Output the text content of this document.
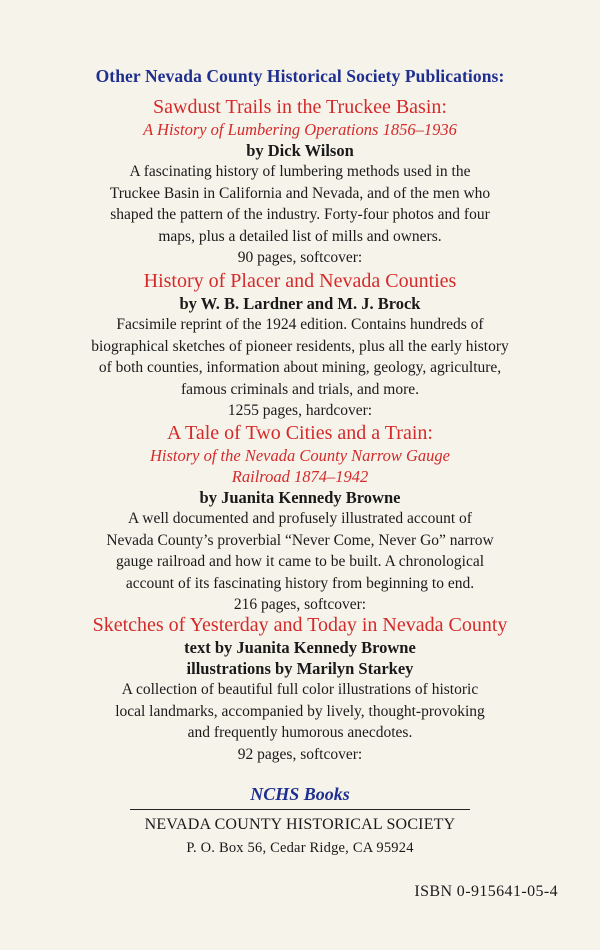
Other Nevada County Historical Society Publications:
Sawdust Trails in the Truckee Basin:
A History of Lumbering Operations 1856–1936
by Dick Wilson
A fascinating history of lumbering methods used in the
Truckee Basin in California and Nevada, and of the men who
shaped the pattern of the industry. Forty-four photos and four
maps, plus a detailed list of mills and owners.
90 pages, softcover:
History of Placer and Nevada Counties
by W. B. Lardner and M. J. Brock
Facsimile reprint of the 1924 edition. Contains hundreds of
biographical sketches of pioneer residents, plus all the early history
of both counties, information about mining, geology, agriculture,
famous criminals and trials, and more.
1255 pages, hardcover:
A Tale of Two Cities and a Train:
History of the Nevada County Narrow Gauge
Railroad 1874–1942
by Juanita Kennedy Browne
A well documented and profusely illustrated account of
Nevada County’s proverbial “Never Come, Never Go” narrow
gauge railroad and how it came to be built. A chronological
account of its fascinating history from beginning to end.
216 pages, softcover:
Sketches of Yesterday and Today in Nevada County
text by Juanita Kennedy Browne
illustrations by Marilyn Starkey
A collection of beautiful full color illustrations of historic
local landmarks, accompanied by lively, thought-provoking
and frequently humorous anecdotes.
92 pages, softcover:
NCHS Books
NEVADA COUNTY HISTORICAL SOCIETY
P. O. Box 56, Cedar Ridge, CA 95924
ISBN 0-915641-05-4
